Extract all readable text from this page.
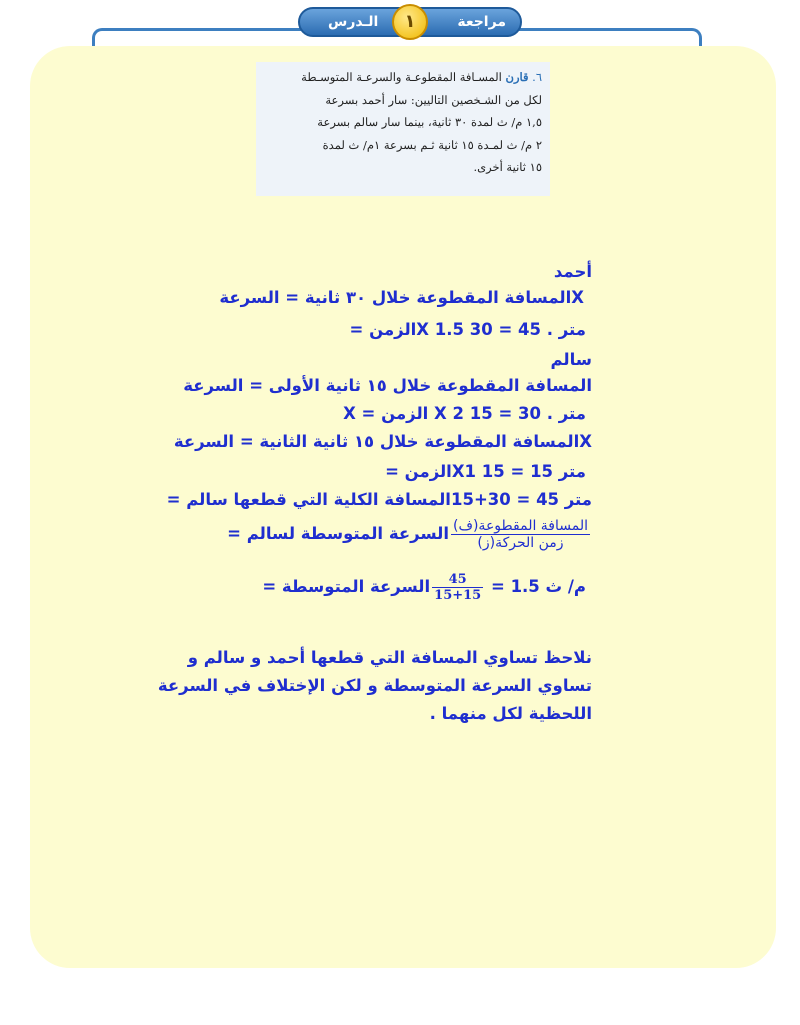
مراجعة
الـدرس	١
٦. قارن المسـافة المقطوعـة والسرعـة المتوسـطة
لكل من الشـخصين التاليين: سار أحمد بسرعة
١,٥ م/ ث لمدة ٣٠ ثانية، بينما سار سالم بسرعة
٢ م/ ث لمـدة ١٥ ثانية ثـم بسرعة ١م/ ث لمدة
١٥ ثانية أخرى.
أحمد
Xالمسافة المقطوعة خلال ٣٠ ثانية = السرعة
متر . 45 = 30 X 1.5الزمن =
سالم
المسافة المقطوعة خلال ١٥ ثانية الأولى = السرعة
متر . 30 = 15 X 2 الزمن = X
Xالمسافة المقطوعة خلال ١٥ ثانية الثانية = السرعة
متر 15 = 15 X1الزمن =
متر 45 = 30+15المسافة الكلية التي قطعها سالم =
$\frac{\text{المسافة المقطوعة(ف)}}{\text{زمن الحركة(ز)}}$
السرعة المتوسطة لسالم =
م/ ث 1.5 =
$\frac{45}{15+15}$
السرعة المتوسطة =
نلاحظ تساوي المسافة التي قطعها أحمد و سالم و
تساوي السرعة المتوسطة و لكن الإختلاف في السرعة
اللحظية لكل منهما .
